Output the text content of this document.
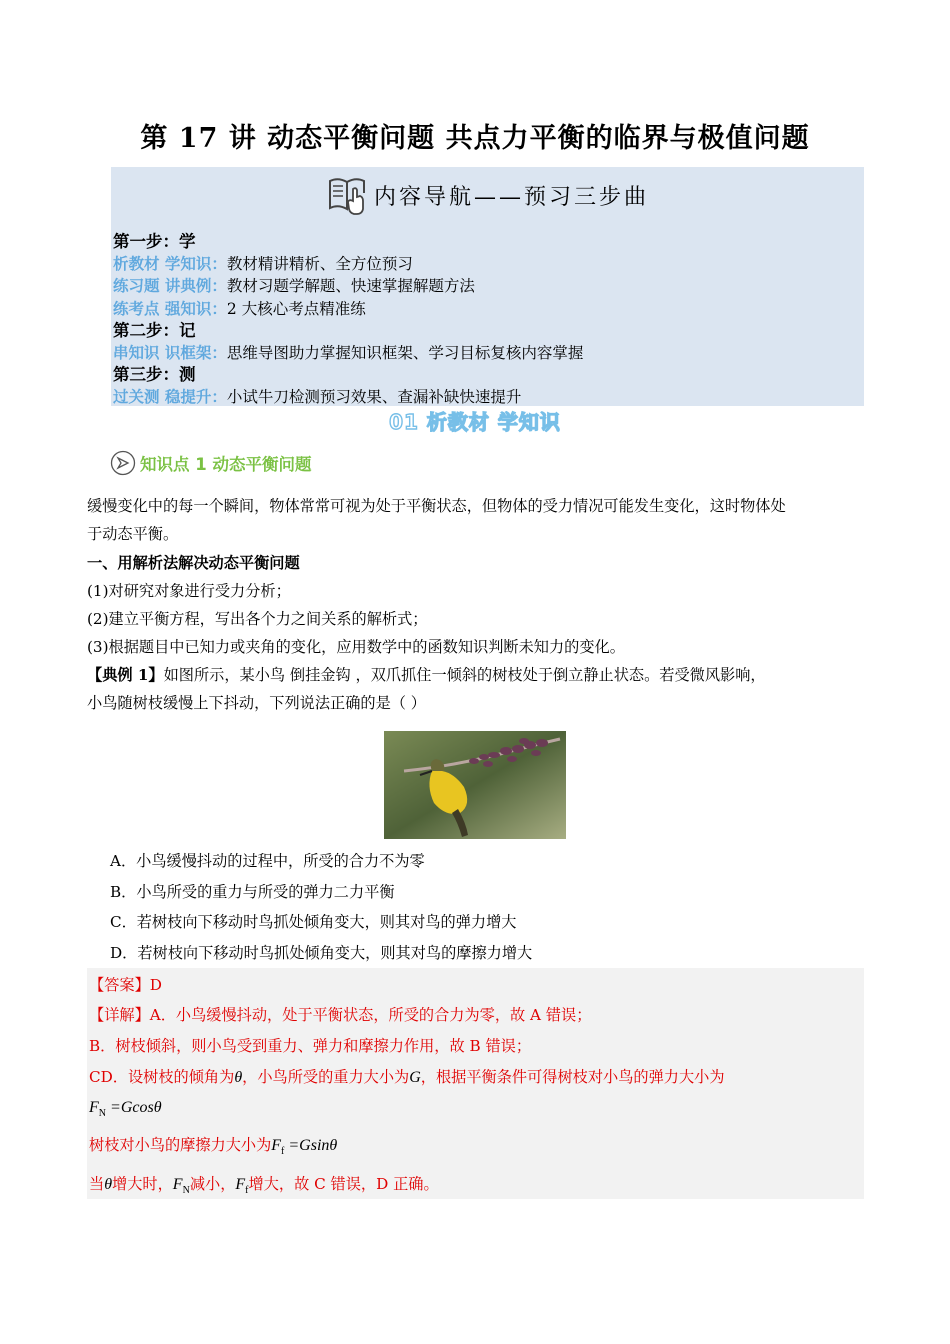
第 17 讲 动态平衡问题 共点力平衡的临界与极值问题
内容导航——预习三步曲
第一步：学
析教材 学知识：教材精讲精析、全方位预习
练习题 讲典例：教材习题学解题、快速掌握解题方法
练考点 强知识：2 大核心考点精准练
第二步：记
串知识 识框架：思维导图助力掌握知识框架、学习目标复核内容掌握
第三步：测
过关测 稳提升：小试牛刀检测预习效果、查漏补缺快速提升
01 析教材 学知识
知识点 1 动态平衡问题

缓慢变化中的每一个瞬间，物体常常可视为处于平衡状态，但物体的受力情况可能发生变化，这时物体处

于动态平衡。

一、用解析法解决动态平衡问题

(1)对研究对象进行受力分析；

(2)建立平衡方程，写出各个力之间关系的解析式；

(3)根据题目中已知力或夹角的变化，应用数学中的函数知识判断未知力的变化。

【典例 1】如图所示，某小鸟 倒挂金钩 ，双爪抓住一倾斜的树枝处于倒立静止状态。若受微风影响，

小鸟随树枝缓慢上下抖动，下列说法正确的是（ ）

A．小鸟缓慢抖动的过程中，所受的合力不为零
B．小鸟所受的重力与所受的弹力二力平衡
C．若树枝向下移动时鸟抓处倾角变大，则其对鸟的弹力增大
D．若树枝向下移动时鸟抓处倾角变大，则其对鸟的摩擦力增大
【答案】D
【详解】A．小鸟缓慢抖动，处于平衡状态，所受的合力为零，故 A 错误；
B．树枝倾斜，则小鸟受到重力、弹力和摩擦力作用，故 B 错误；
CD．设树枝的倾角为θ，小鸟所受的重力大小为G，根据平衡条件可得树枝对小鸟的弹力大小为
$F_N =Gcos\theta$
树枝对小鸟的摩擦力大小为$F_f =Gsin\theta$
当θ增大时，$F_N$减小，$F_f$增大，故 C 错误，D 正确。
